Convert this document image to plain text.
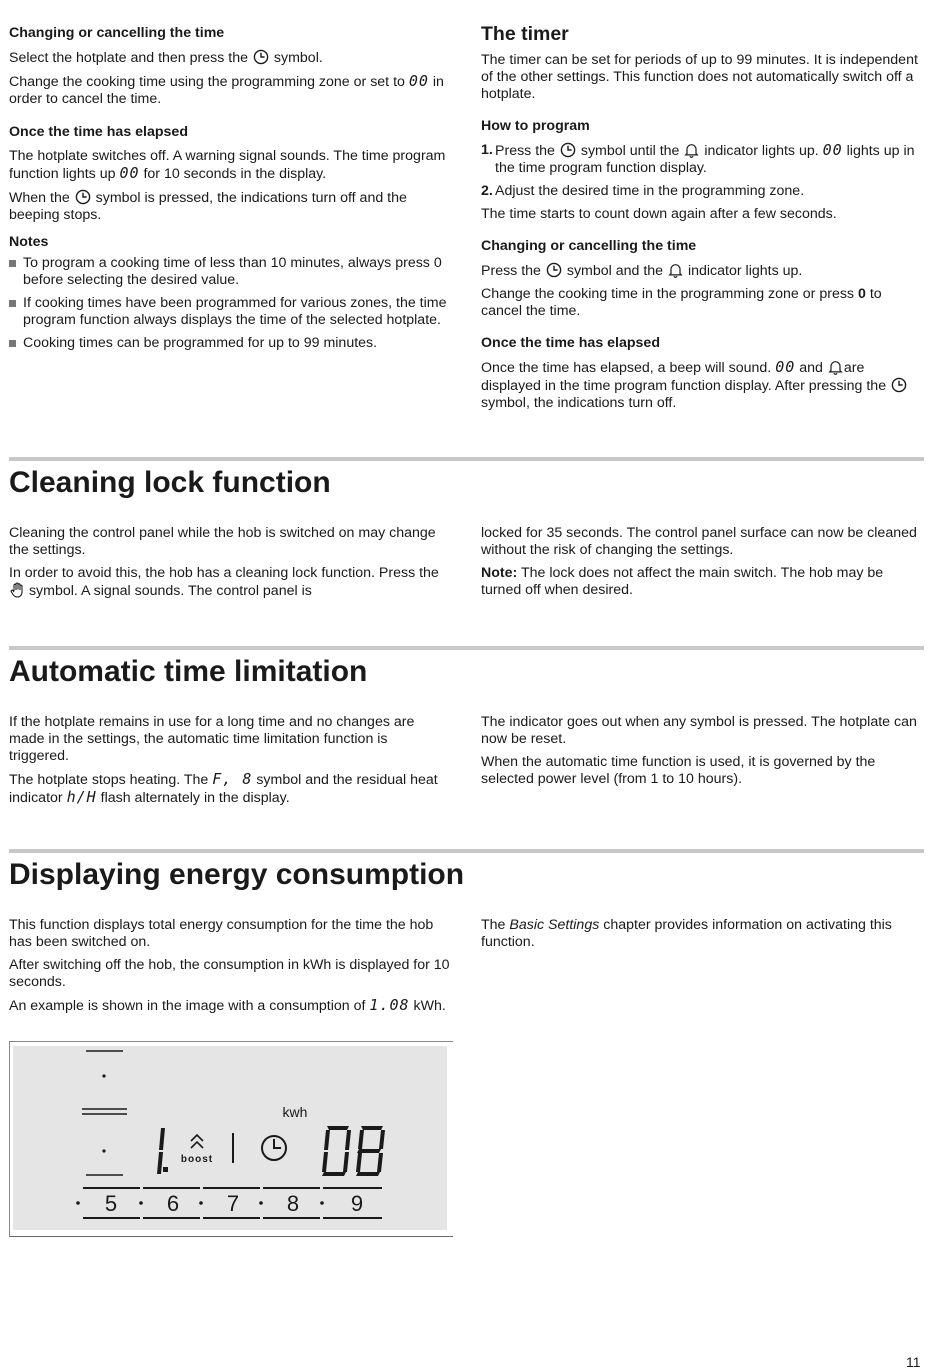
Changing or cancelling the time

Select the hotplate and then press the symbol.

Change the cooking time using the programming zone or set to 00 in order to cancel the time.

Once the time has elapsed

The hotplate switches off. A warning signal sounds. The time program function lights up 00 for 10 seconds in the display.

When the symbol is pressed, the indications turn off and the beeping stops.

Notes
To program a cooking time of less than 10 minutes, always press 0 before selecting the desired value.
If cooking times have been programmed for various zones, the time program function always displays the time of the selected hotplate.
Cooking times can be programmed for up to 99 minutes.
The timer

The timer can be set for periods of up to 99 minutes. It is independent of the other settings. This function does not automatically switch off a hotplate.

How to program
1. Press the symbol until the indicator lights up. 00 lights up in the time program function display.
2. Adjust the desired time in the programming zone.

The time starts to count down again after a few seconds.

Changing or cancelling the time

Press the symbol and the indicator lights up.

Change the cooking time in the programming zone or press 0 to cancel the time.

Once the time has elapsed

Once the time has elapsed, a beep will sound. 00 and are displayed in the time program function display. After pressing the  symbol, the indications turn off.

Cleaning lock function

Cleaning the control panel while the hob is switched on may change the settings.

In order to avoid this, the hob has a cleaning lock function. Press the  symbol. A signal sounds. The control panel is

locked for 35 seconds. The control panel surface can now be cleaned without the risk of changing the settings.

Note: The lock does not affect the main switch. The hob may be turned off when desired.

Automatic time limitation

If the hotplate remains in use for a long time and no changes are made in the settings, the automatic time limitation function is triggered.

The hotplate stops heating. The F, 8 symbol and the residual heat indicator h/H flash alternately in the display.

The indicator goes out when any symbol is pressed. The hotplate can now be reset.

When the automatic time function is used, it is governed by the selected power level (from 1 to 10 hours).

Displaying energy consumption

This function displays total energy consumption for the time the hob has been switched on.

After switching off the hob, the consumption in kWh is displayed for 10 seconds.

An example is shown in the image with a consumption of 1.08 kWh.

The Basic Settings chapter provides information on activating this function.

boost
kwh
5 6 7 8 9
11
